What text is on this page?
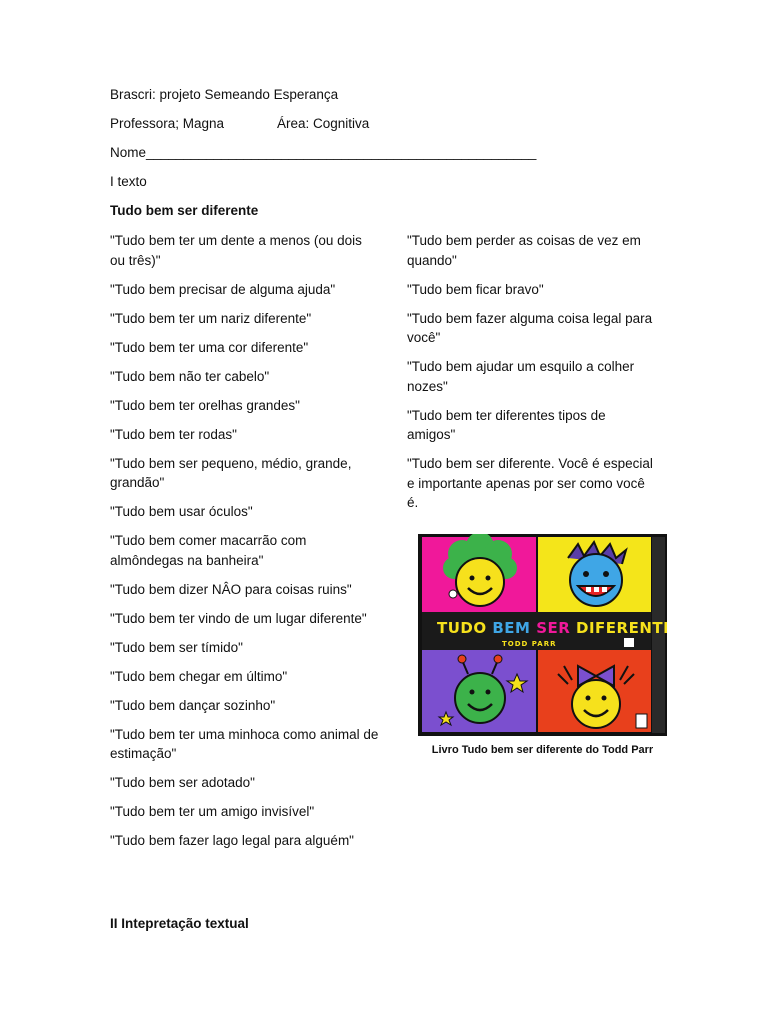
Brascri: projeto Semeando Esperança
Professora; Magna	Área: Cognitiva
Nome____________________________________________________
I texto
Tudo bem ser diferente

"Tudo bem ter um dente a menos (ou dois ou três)"

"Tudo bem precisar de alguma ajuda"

"Tudo bem ter um nariz diferente"

"Tudo bem ter uma cor diferente"

"Tudo bem não ter cabelo"

"Tudo bem ter orelhas grandes"

"Tudo bem ter rodas"

"Tudo bem ser pequeno, médio, grande, grandão"

"Tudo bem usar óculos"

"Tudo bem comer macarrão com almôndegas na banheira"

"Tudo bem dizer NÂO para coisas ruins"

"Tudo bem ter vindo de um lugar diferente"

"Tudo bem ser tímido"

"Tudo bem chegar em último"

"Tudo bem dançar sozinho"

"Tudo bem ter uma minhoca como animal de estimação"

"Tudo bem ser adotado"

"Tudo bem ter um amigo invisível"

"Tudo bem fazer lago legal para alguém"

"Tudo bem perder as coisas de vez em quando"

"Tudo bem ficar bravo"

"Tudo bem fazer alguma coisa legal para você"

"Tudo bem ajudar um esquilo a colher nozes"

"Tudo bem ter diferentes tipos de amigos"

"Tudo bem ser diferente. Você é especial e importante apenas por ser como você é.

TUDO BEM SER DIFERENTE
TODD PARR
Livro Tudo bem ser diferente do Todd Parr
II Intepretação textual
